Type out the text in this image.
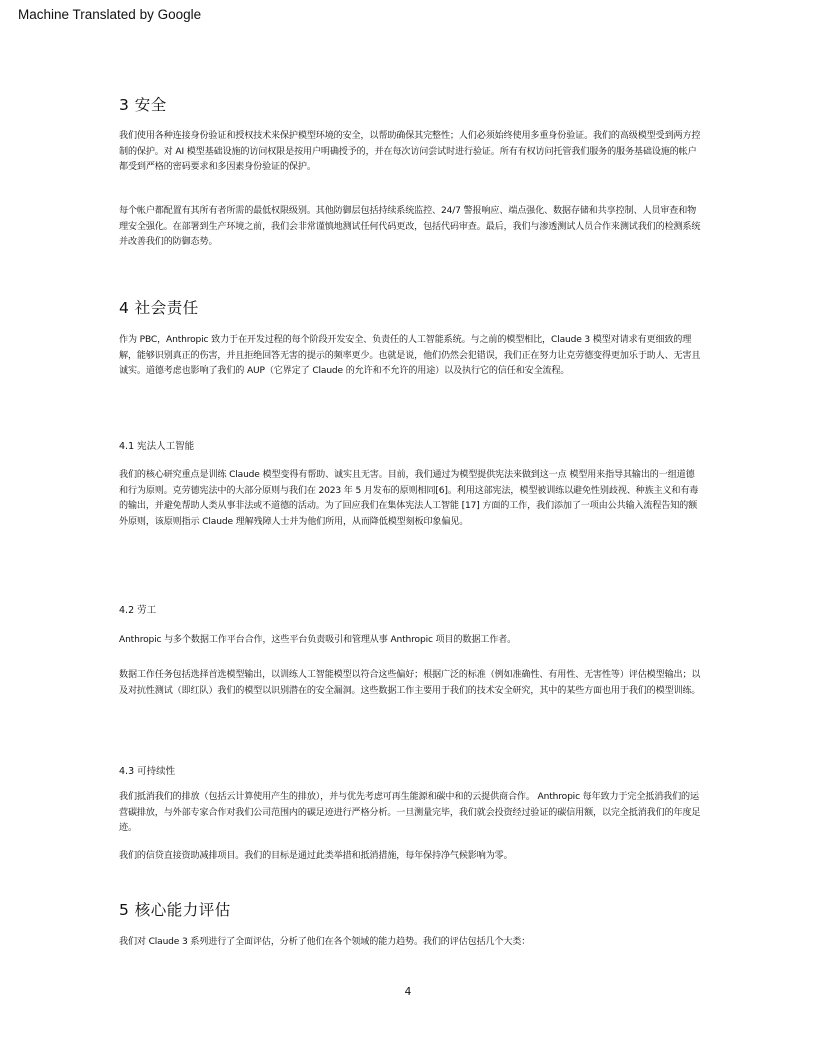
Machine Translated by Google
3 安全

我们使用各种连接身份验证和授权技术来保护模型环境的安全，以帮助确保其完整性；人们必须始终使用多重身份验证。我们的高级模型受到两方控制的保护。对 AI 模型基础设施的访问权限是按用户明确授予的，并在每次访问尝试时进行验证。所有有权访问托管我们服务的服务基础设施的帐户都受到严格的密码要求和多因素身份验证的保护。

每个帐户都配置有其所有者所需的最低权限级别。其他防御层包括持续系统监控、24/7 警报响应、端点强化、数据存储和共享控制、人员审查和物理安全强化。在部署到生产环境之前，我们会非常谨慎地测试任何代码更改，包括代码审查。最后，我们与渗透测试人员合作来测试我们的检测系统并改善我们的防御态势。

4 社会责任

作为 PBC，Anthropic 致力于在开发过程的每个阶段开发安全、负责任的人工智能系统。与之前的模型相比，Claude 3 模型对请求有更细致的理解，能够识别真正的伤害，并且拒绝回答无害的提示的频率更少。也就是说，他们仍然会犯错误，我们正在努力让克劳德变得更加乐于助人、无害且诚实。道德考虑也影响了我们的 AUP（它界定了 Claude 的允许和不允许的用途）以及执行它的信任和安全流程。

4.1 宪法人工智能

我们的核心研究重点是训练 Claude 模型变得有帮助、诚实且无害。目前，我们通过为模型提供宪法来做到这一点 模型用来指导其输出的一组道德和行为原则。克劳德宪法中的大部分原则与我们在 2023 年 5 月发布的原则相同[6]。利用这部宪法，模型被训练以避免性别歧视、种族主义和有毒的输出，并避免帮助人类从事非法或不道德的活动。为了回应我们在集体宪法人工智能 [17] 方面的工作，我们添加了一项由公共输入流程告知的额外原则，该原则指示 Claude 理解残障人士并为他们所用，从而降低模型刻板印象偏见。

4.2 劳工

Anthropic 与多个数据工作平台合作，这些平台负责吸引和管理从事 Anthropic 项目的数据工作者。

数据工作任务包括选择首选模型输出，以训练人工智能模型以符合这些偏好；根据广泛的标准（例如准确性、有用性、无害性等）评估模型输出；以及对抗性测试（即红队）我们的模型以识别潜在的安全漏洞。这些数据工作主要用于我们的技术安全研究，其中的某些方面也用于我们的模型训练。

4.3 可持续性

我们抵消我们的排放（包括云计算使用产生的排放），并与优先考虑可再生能源和碳中和的云提供商合作。 Anthropic 每年致力于完全抵消我们的运营碳排放，与外部专家合作对我们公司范围内的碳足迹进行严格分析。一旦测量完毕，我们就会投资经过验证的碳信用额，以完全抵消我们的年度足迹。

我们的信贷直接资助减排项目。我们的目标是通过此类举措和抵消措施，每年保持净气候影响为零。

5 核心能力评估

我们对 Claude 3 系列进行了全面评估，分析了他们在各个领域的能力趋势。我们的评估包括几个大类：

4
